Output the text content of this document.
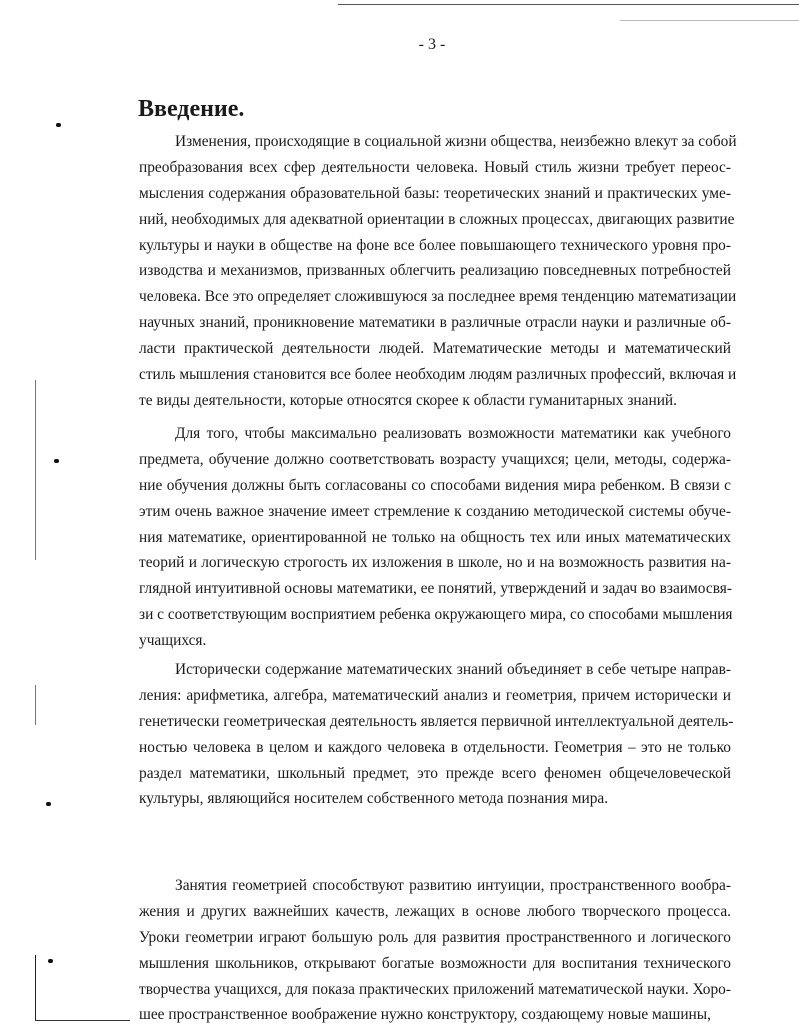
- 3 -
Введение.
Изменения, происходящие в социальной жизни общества, неизбежно влекут за собой
преобразования всех сфер деятельности человека. Новый стиль жизни требует переос-
мысления содержания образовательной базы: теоретических знаний и практических уме-
ний, необходимых для адекватной ориентации в сложных процессах, двигающих развитие
культуры и науки в обществе на фоне все более повышающего технического уровня про-
изводства и механизмов, призванных облегчить реализацию повседневных потребностей
человека. Все это определяет сложившуюся за последнее время тенденцию математизации
научных знаний, проникновение математики в различные отрасли науки и различные об-
ласти практической деятельности людей. Математические методы и математический
стиль мышления становится все более необходим людям различных профессий, включая и
те виды деятельности, которые относятся скорее к области гуманитарных знаний.
Для того, чтобы максимально реализовать возможности математики как учебного
предмета, обучение должно соответствовать возрасту учащихся; цели, методы, содержа-
ние обучения должны быть согласованы со способами видения мира ребенком. В связи с
этим очень важное значение имеет стремление к созданию методической системы обуче-
ния математике, ориентированной не только на общность тех или иных математических
теорий и логическую строгость их изложения в школе, но и на возможность развития на-
глядной интуитивной основы математики, ее понятий, утверждений и задач во взаимосвя-
зи с соответствующим восприятием ребенка окружающего мира, со способами мышления
учащихся.
Исторически содержание математических знаний объединяет в себе четыре направ-
ления: арифметика, алгебра, математический анализ и геометрия, причем исторически и
генетически геометрическая деятельность является первичной интеллектуальной деятель-
ностью человека в целом и каждого человека в отдельности. Геометрия – это не только
раздел математики, школьный предмет, это прежде всего феномен общечеловеческой
культуры, являющийся носителем собственного метода познания мира.
Занятия геометрией способствуют развитию интуиции, пространственного вообра-
жения и других важнейших качеств, лежащих в основе любого творческого процесса.
Уроки геометрии играют большую роль для развития пространственного и логического
мышления школьников, открывают богатые возможности для воспитания технического
творчества учащихся, для показа практических приложений математической науки. Хоро-
шее пространственное воображение нужно конструктору, создающему новые машины,
